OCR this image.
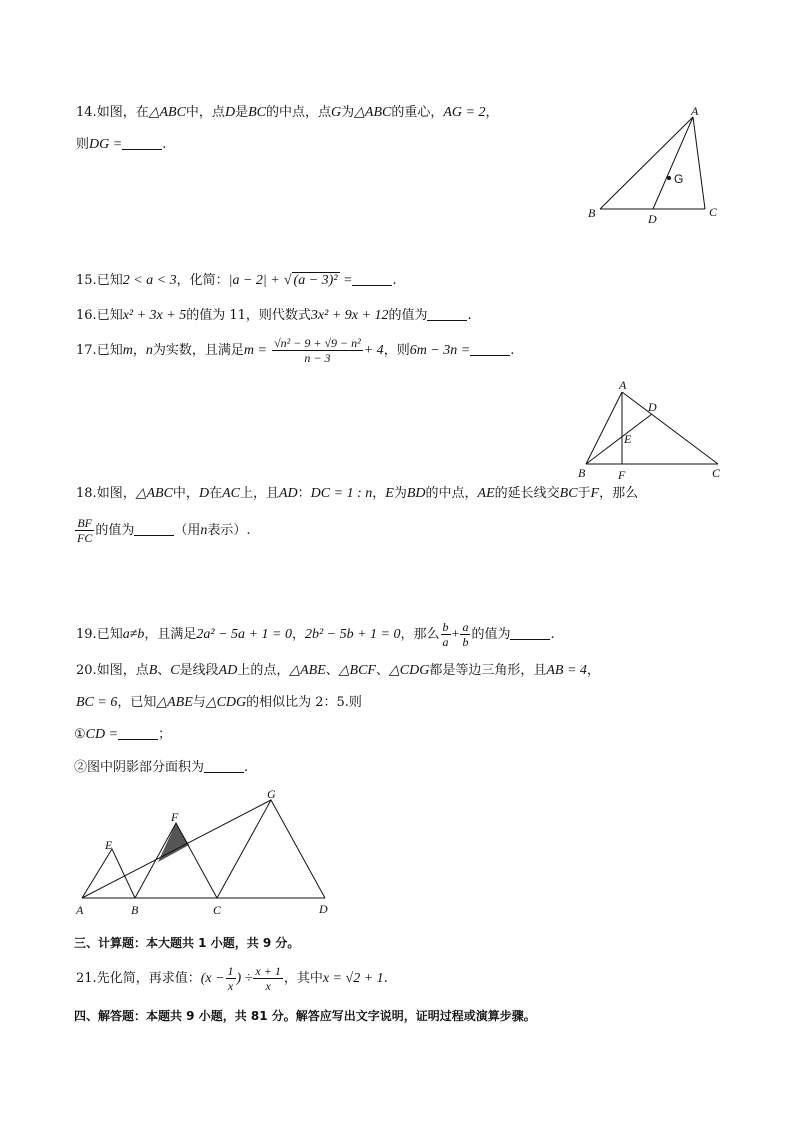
14.如图，在△ABC中，点D是BC的中点，点G为△ABC的重心，AG = 2，
则DG =	.
A
B	C
D
G
15.已知2 < a < 3，化简：|a − 2| + √ (a − 3)² =	.
16.已知x² + 3x + 5的值为 11，则代数式3x² + 9x + 12的值为	.
17.已知m，n为实数，且满足$m = \frac{\text{√n² − 9 + √9 − n²}}{n - 3} + 4$，则6m − 3n =	.
A
B	C
D
E
F
18.如图，△ABC中，D在AC上，且AD：DC = 1 : n，E为BD的中点，AE的延长线交BC于F，那么
$\frac{BF}{FC}$ 的值为	（用n表示）.
19.已知a≠b，且满足2a² − 5a + 1 = 0，2b² − 5b + 1 = 0，那么 $\frac{b}{a} + \frac{a}{b}$ 的值为	.
20.如图，点B、C是线段AD上的点，△ABE、△BCF、△CDG都是等边三角形，且AB = 4，
BC = 6，已知△ABE与△CDG的相似比为 2：5.则
①CD =	；
②图中阴影部分面积为	.
A	B	C	D
E
F
G
三、计算题：本大题共 1 小题，共 9 分。
21.先化简，再求值：($x - \frac{1}{x}$ ) ÷ $\frac{x + 1}{x}$ ，其中x = √2 + 1.
四、解答题：本题共 9 小题，共 81 分。解答应写出文字说明，证明过程或演算步骤。
